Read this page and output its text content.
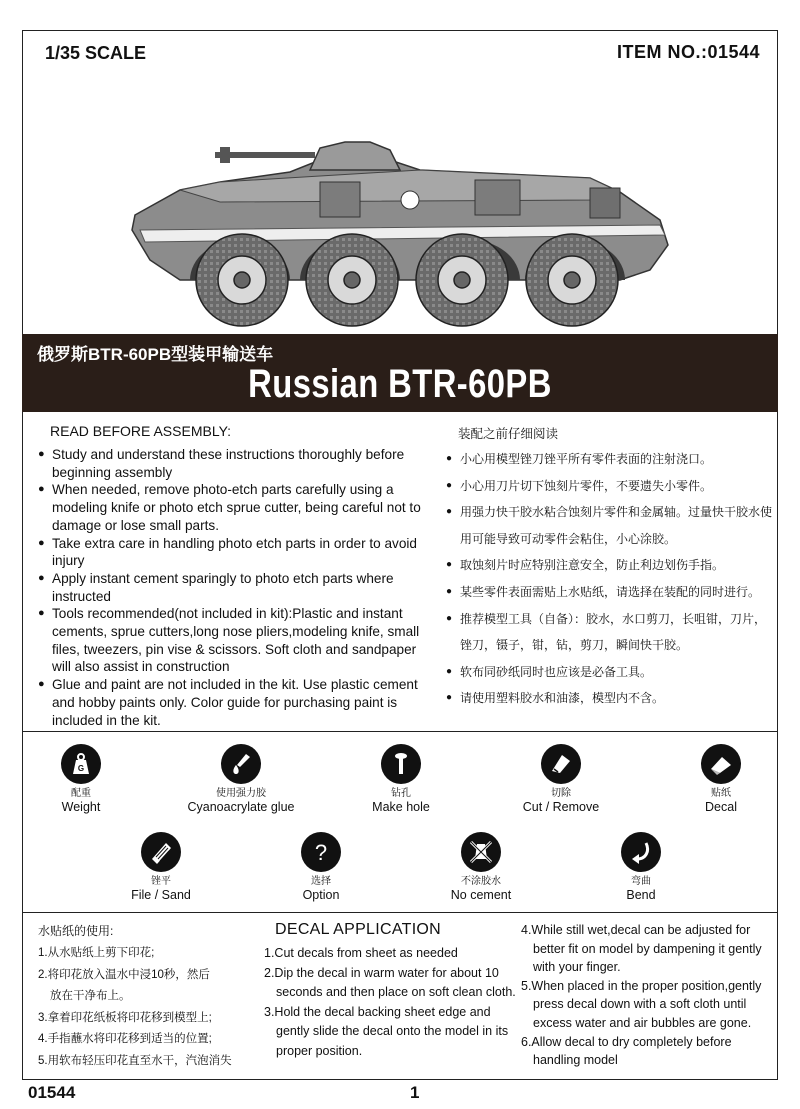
1/35 SCALE	ITEM NO.:01544
俄罗斯BTR-60PB型装甲输送车
Russian BTR-60PB
READ BEFORE ASSEMBLY:
● Study and understand these instructions thoroughly before beginning assembly
● When needed, remove photo-etch parts carefully using a modeling knife or photo etch sprue cutter, being careful not to damage or lose small parts.
● Take extra care in handling photo etch parts in order to avoid injury
● Apply instant cement sparingly to photo etch parts where instructed
● Tools recommended(not included in kit):Plastic and instant cements, sprue cutters,long nose pliers,modeling knife, small files, tweezers, pin vise & scissors. Soft cloth and sandpaper will also assist in construction
● Glue and paint are not included in the kit. Use plastic cement and hobby paints only. Color guide for purchasing paint is included in the kit.
装配之前仔细阅读
● 小心用模型锉刀锉平所有零件表面的注射浇口。
● 小心用刀片切下蚀刻片零件，不要遗失小零件。
● 用强力快干胶水粘合蚀刻片零件和金属轴。过量快干胶水使用可能导致可动零件会粘住，小心涂胶。
● 取蚀刻片时应特别注意安全，防止利边划伤手指。
● 某些零件表面需贴上水贴纸，请选择在装配的同时进行。
● 推荐模型工具（自备）：胶水，水口剪刀，长咀钳，刀片，锉刀，镊子，钳，钻，剪刀，瞬间快干胶。
● 软布同砂纸同时也应该是必备工具。
● 请使用塑料胶水和油漆，模型内不含。
G
配重
Weight
使用强力胶
Cyanoacrylate glue
钻孔
Make hole
切除
Cut / Remove
贴纸
Decal
锉平
File / Sand
?
选择
Option
不涂胶水
No cement
弯曲
Bend
水贴纸的使用:
1.从水贴纸上剪下印花;
2.将印花放入温水中浸10秒，然后
放在干净布上。
3.拿着印花纸板将印花移到模型上;
4.手指蘸水将印花移到适当的位置;
5.用软布轻压印花直至水干，汽泡消失
DECAL APPLICATION
1.Cut decals from sheet as needed
2.Dip the decal in warm water for about 10
seconds and then place on soft clean cloth.
3.Hold the decal backing sheet edge and
gently slide the decal onto the model in its
proper position.
4.While still wet,decal can be adjusted for
better fit on model by dampening it gently
with your finger.
5.When placed in the proper position,gently
press decal down with a soft cloth until
excess water and air bubbles are gone.
6.Allow decal to dry completely before
handling model
01544	1
